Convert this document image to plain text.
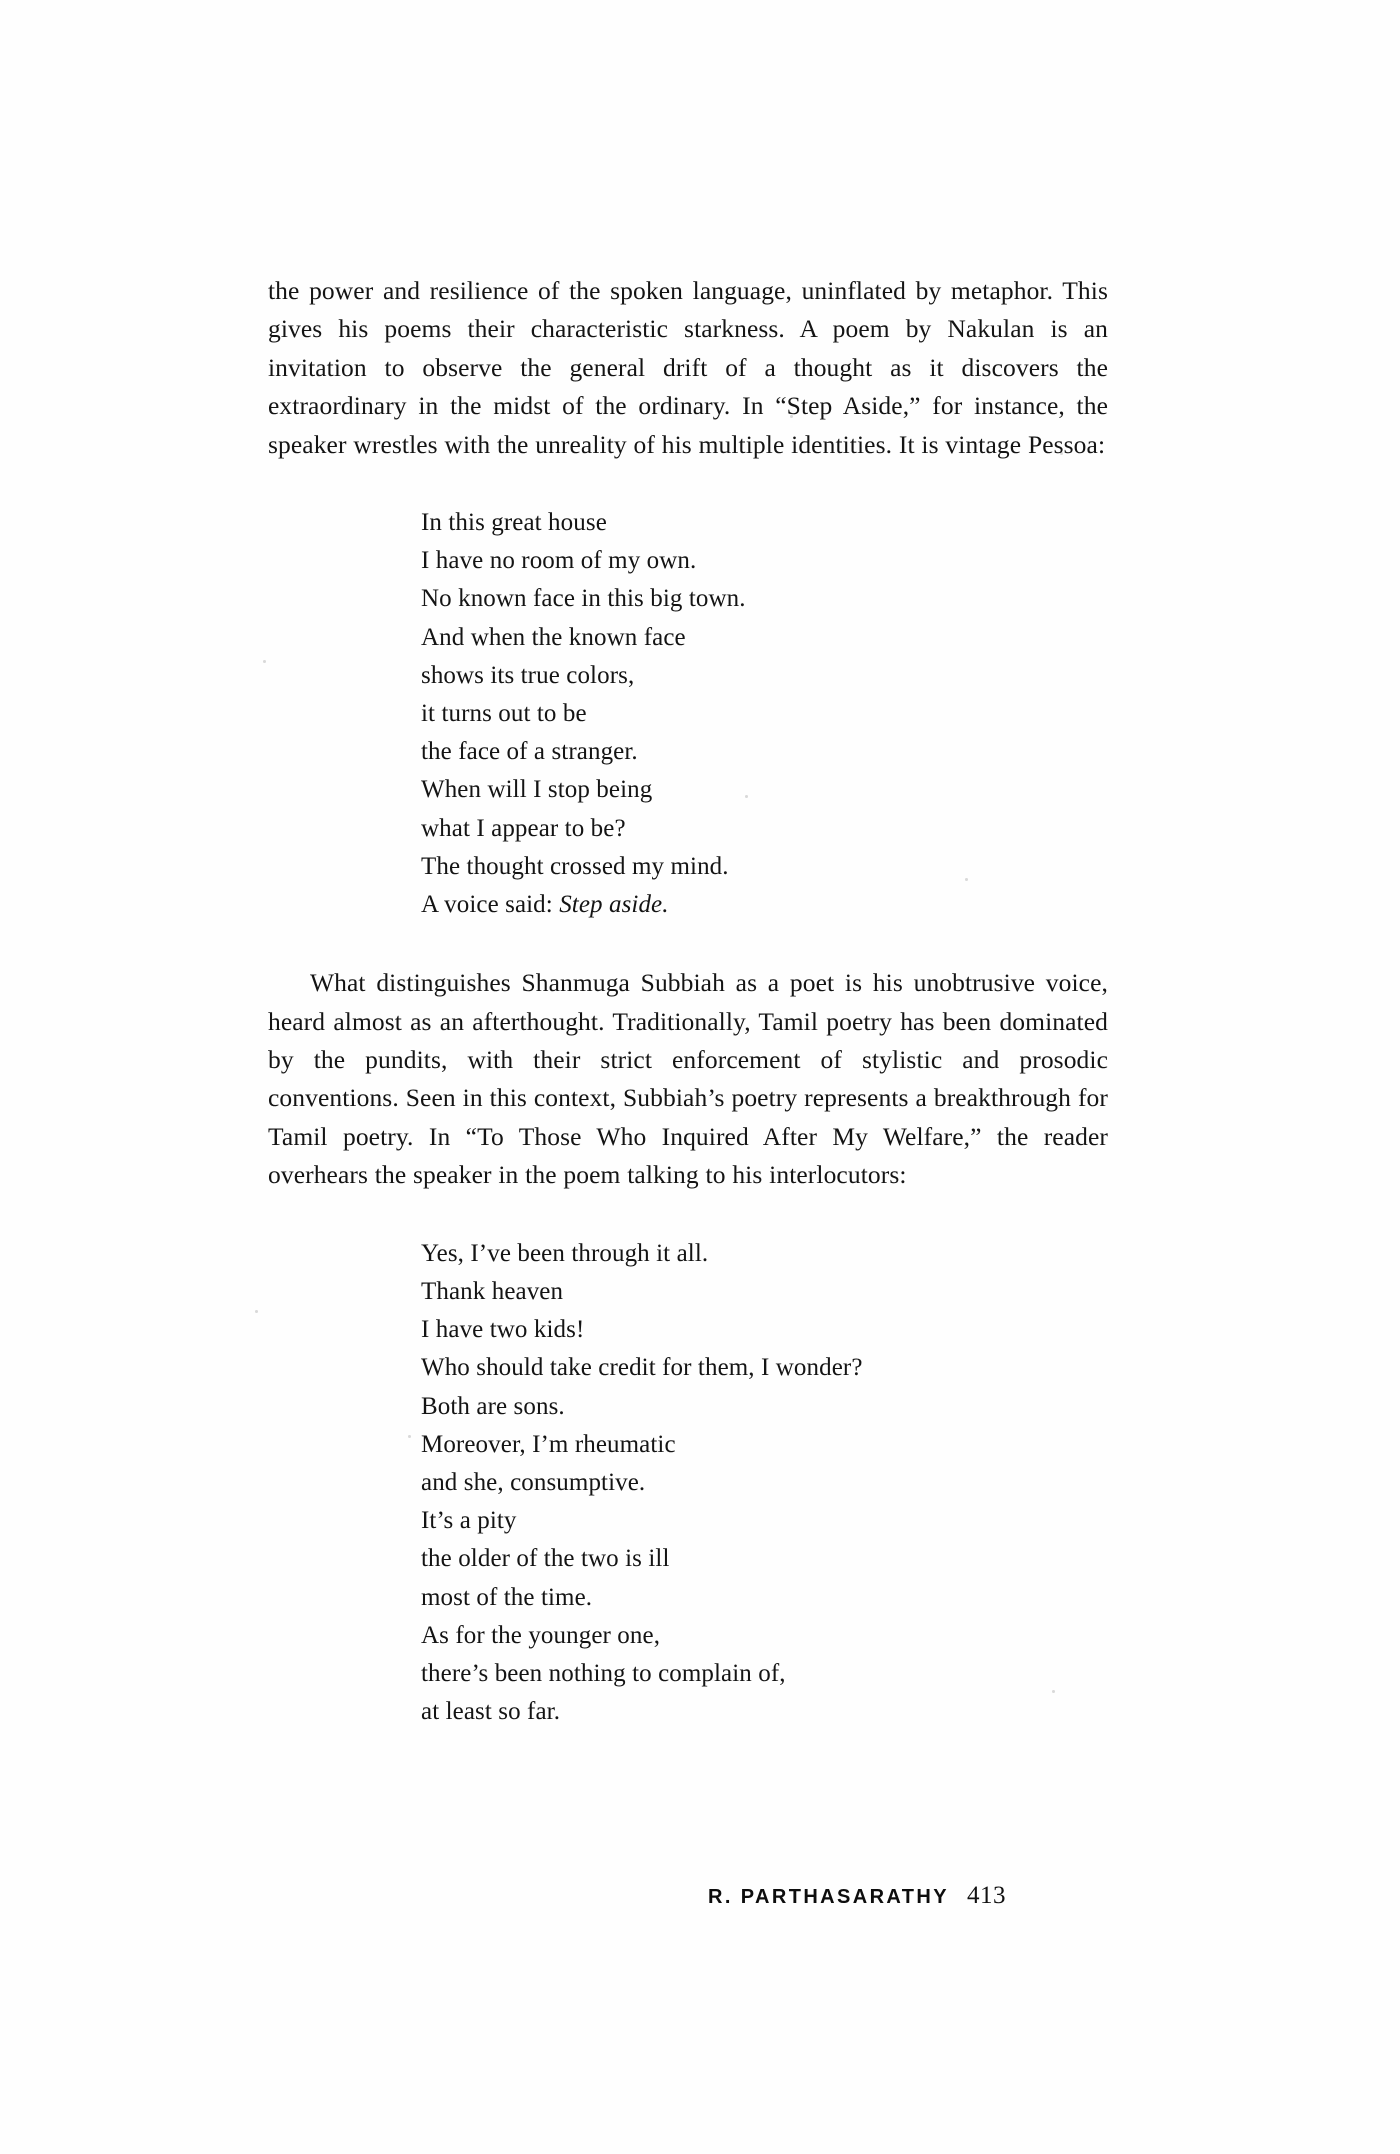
the power and resilience of the spoken language, uninflated by metaphor. This gives his poems their characteristic starkness. A poem by Nakulan is an invitation to observe the general drift of a thought as it discovers the extraordinary in the midst of the ordinary. In “Step Aside,” for instance, the speaker wrestles with the unreality of his multiple identities. It is vintage Pessoa:

In this great house
I have no room of my own.
No known face in this big town.
And when the known face
shows its true colors,
it turns out to be
the face of a stranger.
When will I stop being
what I appear to be?
The thought crossed my mind.
A voice said: Step aside.

What distinguishes Shanmuga Subbiah as a poet is his unobtrusive voice, heard almost as an afterthought. Traditionally, Tamil poetry has been dominated by the pundits, with their strict enforcement of stylistic and prosodic conventions. Seen in this context, Subbiah’s poetry represents a breakthrough for Tamil poetry. In “To Those Who Inquired After My Welfare,” the reader overhears the speaker in the poem talking to his interlocutors:

Yes, I’ve been through it all.
Thank heaven
I have two kids!
Who should take credit for them, I wonder?
Both are sons.
Moreover, I’m rheumatic
and she, consumptive.
It’s a pity
the older of the two is ill
most of the time.
As for the younger one,
there’s been nothing to complain of,
at least so far.
R. PARTHASARATHY 413
